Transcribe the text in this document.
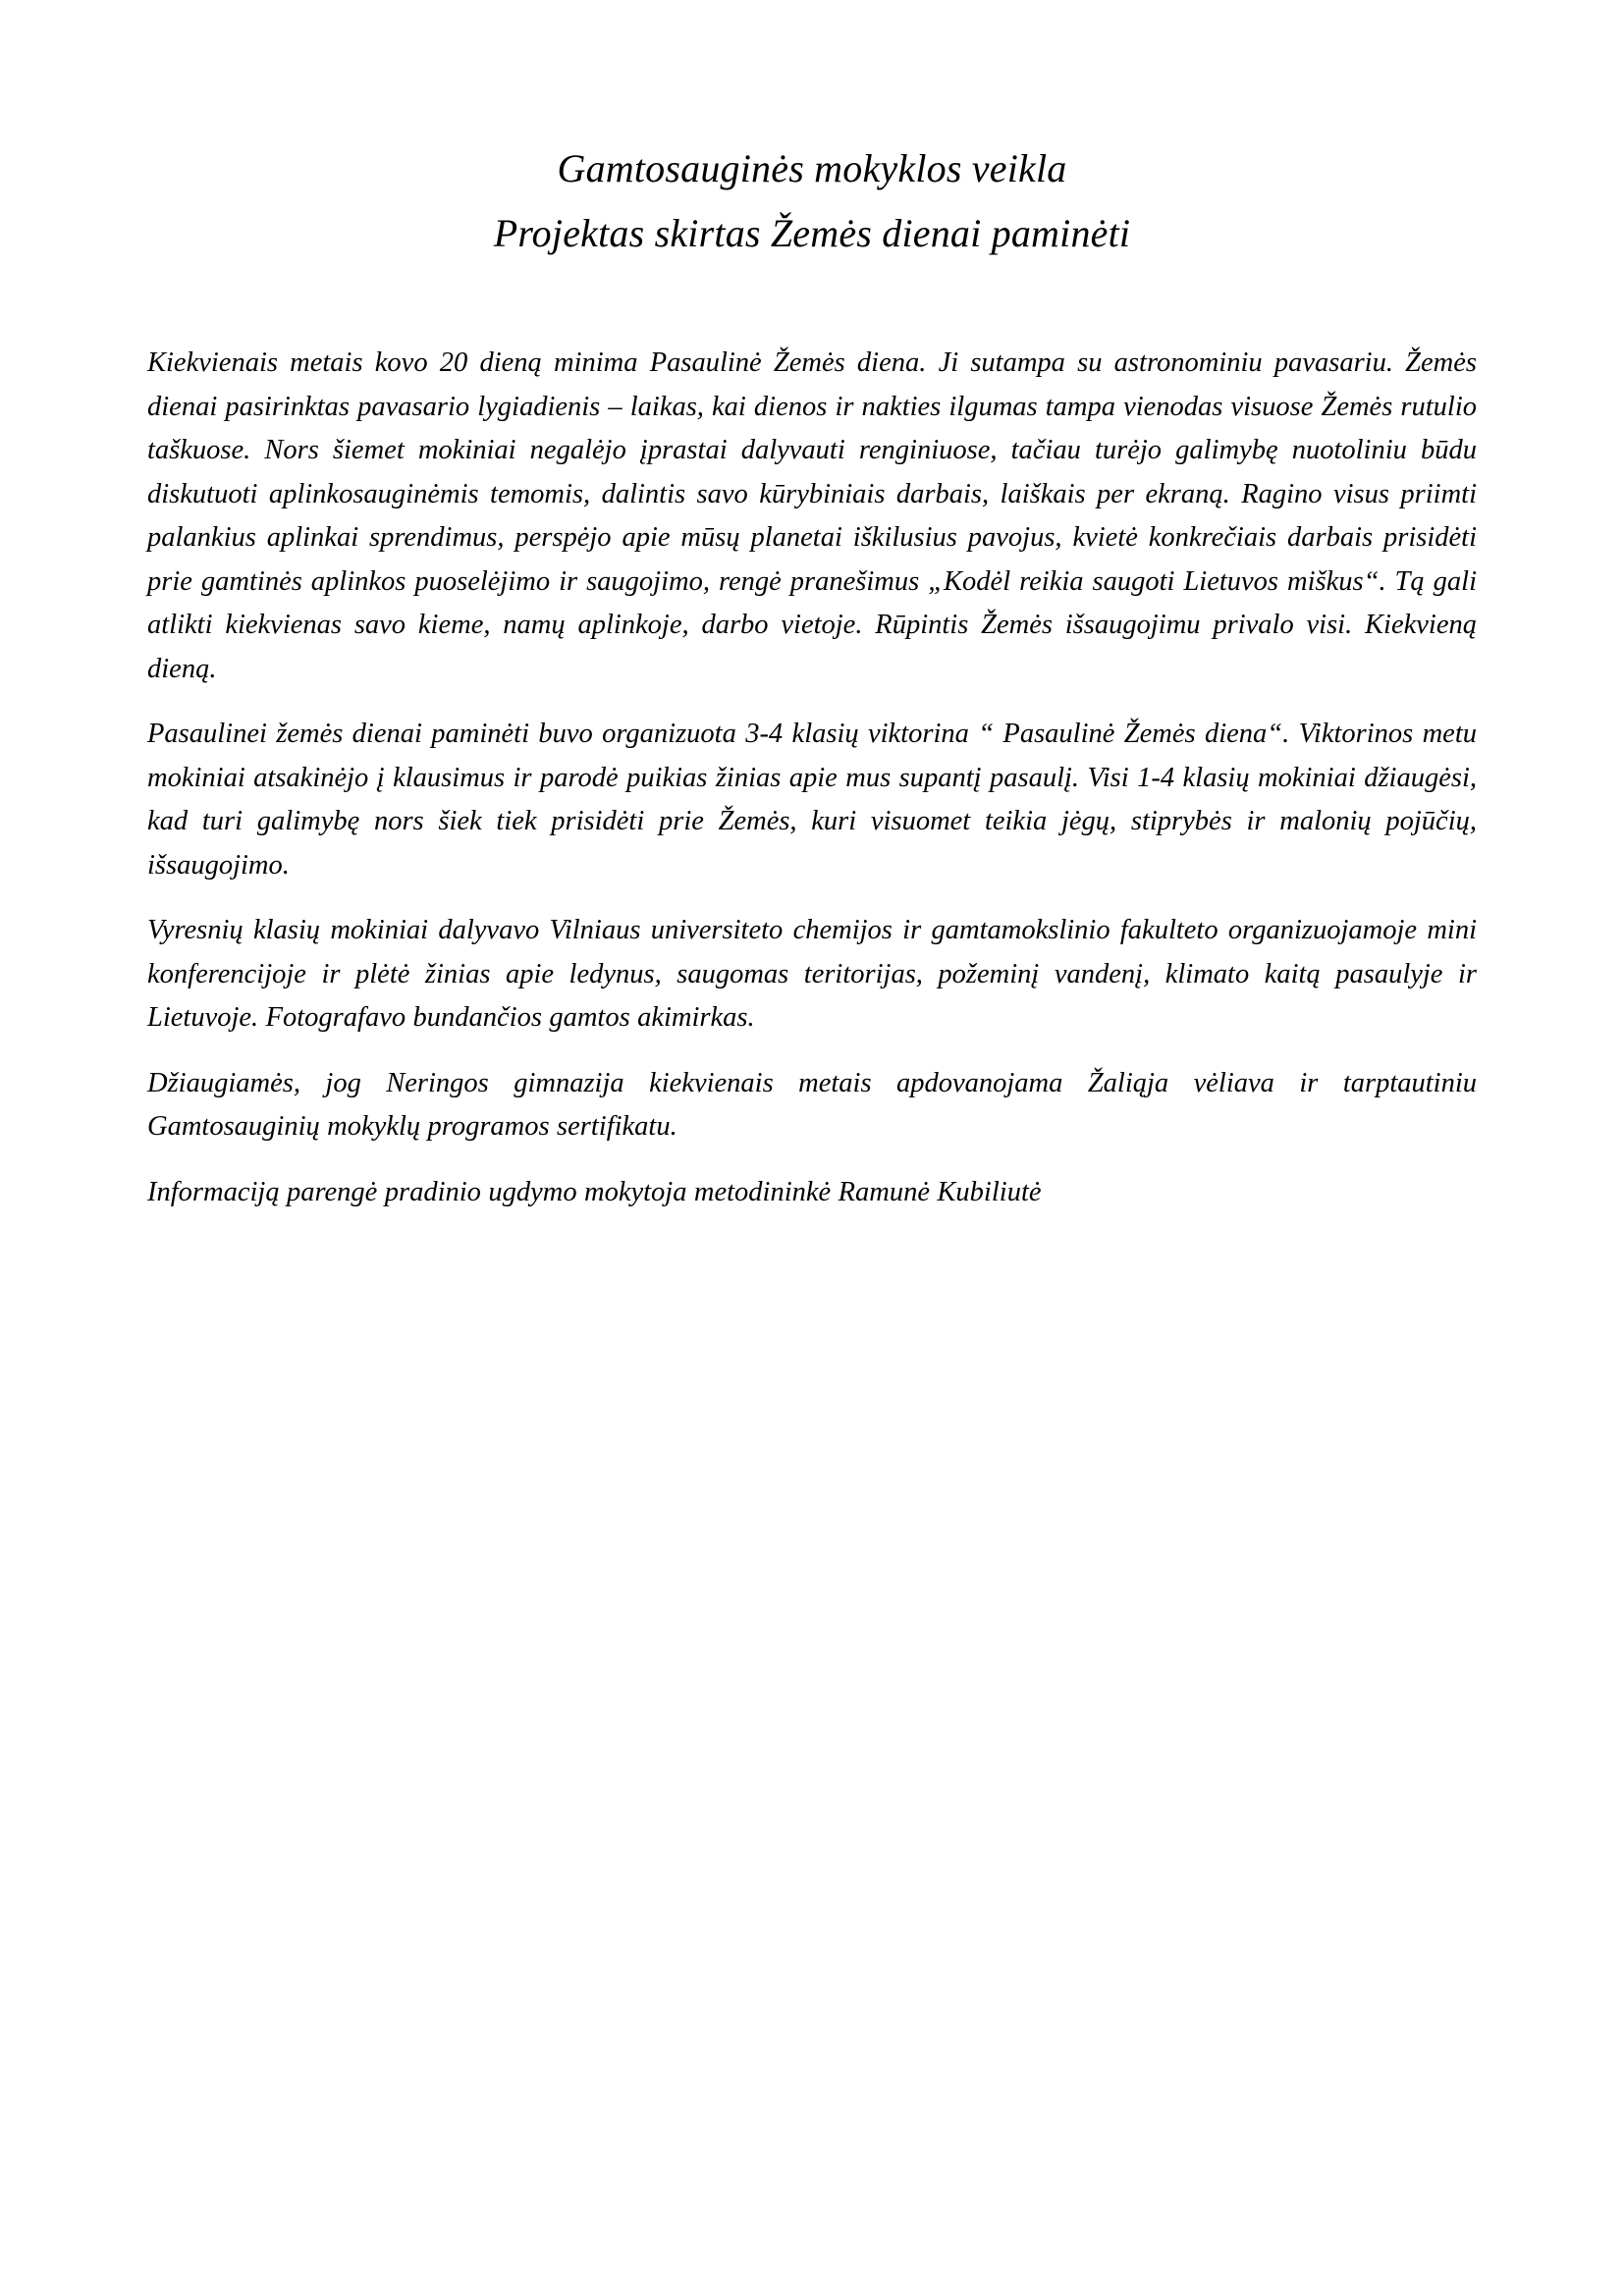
Gamtosauginės mokyklos veikla
Projektas skirtas Žemės dienai paminėti

Kiekvienais metais kovo 20 dieną minima Pasaulinė Žemės diena. Ji sutampa su astronominiu pavasariu. Žemės dienai pasirinktas pavasario lygiadienis – laikas, kai dienos ir nakties ilgumas tampa vienodas visuose Žemės rutulio taškuose. Nors šiemet mokiniai negalėjo įprastai dalyvauti renginiuose, tačiau turėjo galimybę nuotoliniu būdu diskutuoti aplinkosauginėmis temomis, dalintis savo kūrybiniais darbais, laiškais per ekraną. Ragino visus priimti palankius aplinkai sprendimus, perspėjo apie mūsų planetai iškilusius pavojus, kvietė konkrečiais darbais prisidėti prie gamtinės aplinkos puoselėjimo ir saugojimo, rengė pranešimus „Kodėl reikia saugoti Lietuvos miškus“. Tą gali atlikti kiekvienas savo kieme, namų aplinkoje, darbo vietoje. Rūpintis Žemės išsaugojimu privalo visi. Kiekvieną dieną.

Pasaulinei žemės dienai paminėti buvo organizuota 3-4 klasių viktorina “ Pasaulinė Žemės diena“. Viktorinos metu mokiniai atsakinėjo į klausimus ir parodė puikias žinias apie mus supantį pasaulį. Visi 1-4 klasių mokiniai džiaugėsi, kad turi galimybę nors šiek tiek prisidėti prie Žemės, kuri visuomet teikia jėgų, stiprybės ir malonių pojūčių, išsaugojimo.

Vyresnių klasių mokiniai dalyvavo Vilniaus universiteto chemijos ir gamtamokslinio fakulteto organizuojamoje mini konferencijoje ir plėtė žinias apie ledynus, saugomas teritorijas, požeminį vandenį, klimato kaitą pasaulyje ir Lietuvoje. Fotografavo bundančios gamtos akimirkas.

Džiaugiamės, jog Neringos gimnazija kiekvienais metais apdovanojama Žaliąja vėliava ir tarptautiniu Gamtosauginių mokyklų programos sertifikatu.

Informaciją parengė pradinio ugdymo mokytoja metodininkė Ramunė Kubiliutė
